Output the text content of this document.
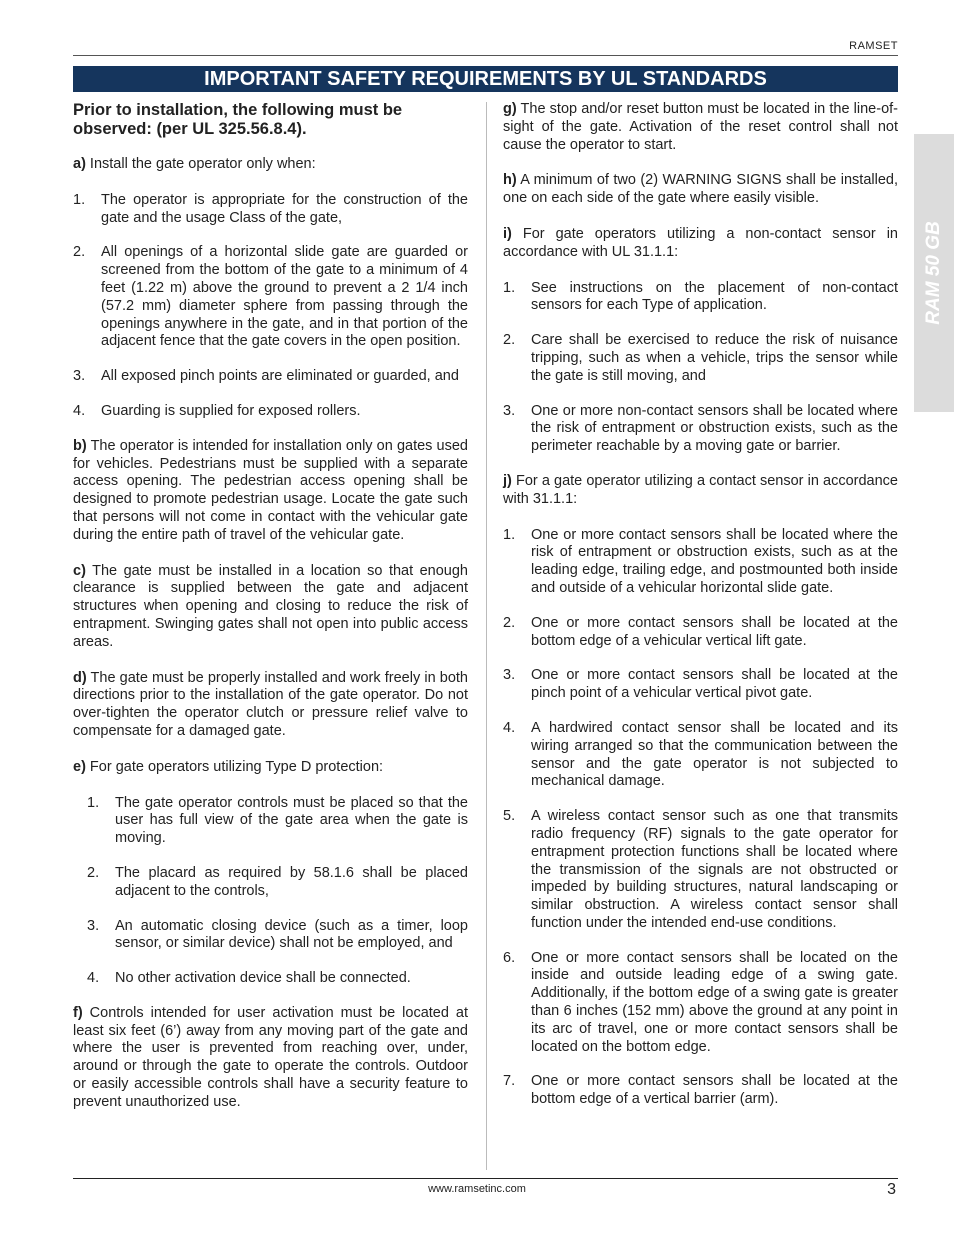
RAMSET
IMPORTANT SAFETY REQUIREMENTS BY UL STANDARDS
RAM 50 GB
Prior to installation, the following must be observed: (per UL 325.56.8.4).

a) Install the gate operator only when:

1. The operator is appropriate for the construction of the gate and the usage Class of the gate,
2. All openings of a horizontal slide gate are guarded or screened from the bottom of the gate to a minimum of 4 feet (1.22 m) above the ground to prevent a 2 1/4 inch (57.2 mm) diameter sphere from passing through the openings anywhere in the gate, and in that portion of the adjacent fence that the gate covers in the open position.
3. All exposed pinch points are eliminated or guarded, and
4. Guarding is supplied for exposed rollers.

b) The operator is intended for installation only on gates used for vehicles. Pedestrians must be supplied with a separate access opening. The pedestrian access opening shall be designed to promote pedestrian usage. Locate the gate such that persons will not come in contact with the vehicular gate during the entire path of travel of the vehicular gate.

c) The gate must be installed in a location so that enough clearance is supplied between the gate and adjacent structures when opening and closing to reduce the risk of entrapment. Swinging gates shall not open into public access areas.

d) The gate must be properly installed and work freely in both directions prior to the installation of the gate operator. Do not over-tighten the operator clutch or pressure relief valve to compensate for a damaged gate.

e) For gate operators utilizing Type D protection:

1. The gate operator controls must be placed so that the user has full view of the gate area when the gate is moving.
2. The placard as required by 58.1.6 shall be placed adjacent to the controls,
3. An automatic closing device (such as a timer, loop sensor, or similar device) shall not be employed, and
4. No other activation device shall be connected.

f) Controls intended for user activation must be located at least six feet (6’) away from any moving part of the gate and where the user is prevented from reaching over, under, around or through the gate to operate the controls. Outdoor or easily accessible controls shall have a security feature to prevent unauthorized use.

g) The stop and/or reset button must be located in the line-of-sight of the gate. Activation of the reset control shall not cause the operator to start.

h) A minimum of two (2) WARNING SIGNS shall be installed, one on each side of the gate where easily visible.

i) For gate operators utilizing a non-contact sensor in accordance with UL 31.1.1:

1. See instructions on the placement of non-contact sensors for each Type of application.
2. Care shall be exercised to reduce the risk of nuisance tripping, such as when a vehicle, trips the sensor while the gate is still moving, and
3. One or more non-contact sensors shall be located where the risk of entrapment or obstruction exists, such as the perimeter reachable by a moving gate or barrier.

j) For a gate operator utilizing a contact sensor in accordance with 31.1.1:

1. One or more contact sensors shall be located where the risk of entrapment or obstruction exists, such as at the leading edge, trailing edge, and postmounted both inside and outside of a vehicular horizontal slide gate.
2. One or more contact sensors shall be located at the bottom edge of a vehicular vertical lift gate.
3. One or more contact sensors shall be located at the pinch point of a vehicular vertical pivot gate.
4. A hardwired contact sensor shall be located and its wiring arranged so that the communication between the sensor and the gate operator is not subjected to mechanical damage.
5. A wireless contact sensor such as one that transmits radio frequency (RF) signals to the gate operator for entrapment protection functions shall be located where the transmission of the signals are not obstructed or impeded by building structures, natural landscaping or similar obstruction. A wireless contact sensor shall function under the intended end-use conditions.
6. One or more contact sensors shall be located on the inside and outside leading edge of a swing gate. Additionally, if the bottom edge of a swing gate is greater than 6 inches (152 mm) above the ground at any point in its arc of travel, one or more contact sensors shall be located on the bottom edge.
7. One or more contact sensors shall be located at the bottom edge of a vertical barrier (arm).
www.ramsetinc.com	3
